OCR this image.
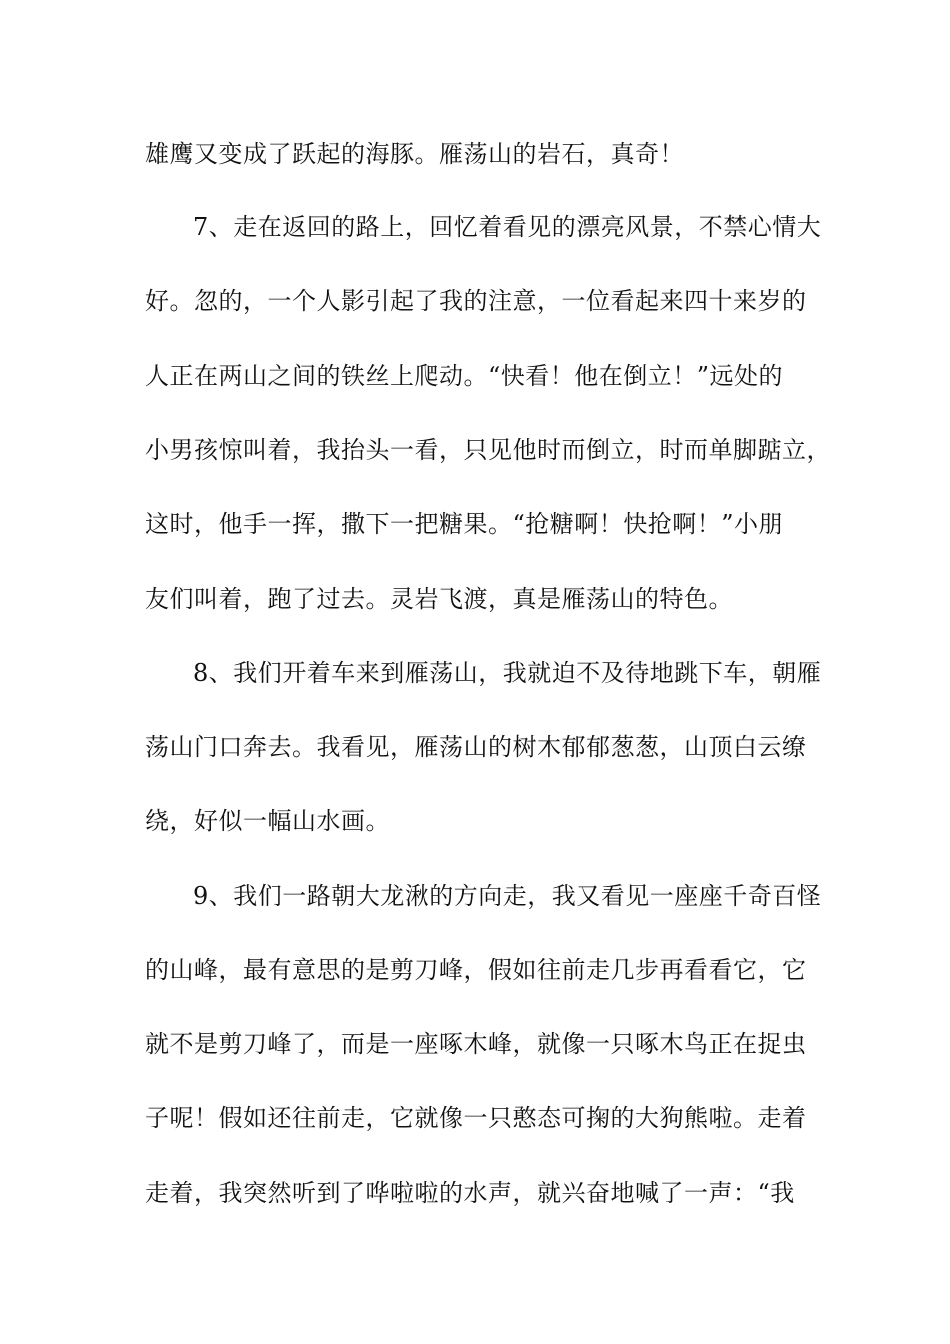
雄鹰又变成了跃起的海豚。雁荡山的岩石，真奇！
7、走在返回的路上，回忆着看见的漂亮风景，不禁心情大
好。忽的，一个人影引起了我的注意，一位看起来四十来岁的
人正在两山之间的铁丝上爬动。“快看！他在倒立！”远处的
小男孩惊叫着，我抬头一看，只见他时而倒立，时而单脚踮立，
这时，他手一挥，撒下一把糖果。“抢糖啊！快抢啊！”小朋
友们叫着，跑了过去。灵岩飞渡，真是雁荡山的特色。
8、我们开着车来到雁荡山，我就迫不及待地跳下车，朝雁
荡山门口奔去。我看见，雁荡山的树木郁郁葱葱，山顶白云缭
绕，好似一幅山水画。
9、我们一路朝大龙湫的方向走，我又看见一座座千奇百怪
的山峰，最有意思的是剪刀峰，假如往前走几步再看看它，它
就不是剪刀峰了，而是一座啄木峰，就像一只啄木鸟正在捉虫
子呢！假如还往前走，它就像一只憨态可掬的大狗熊啦。走着
走着，我突然听到了哗啦啦的水声，就兴奋地喊了一声：“我
